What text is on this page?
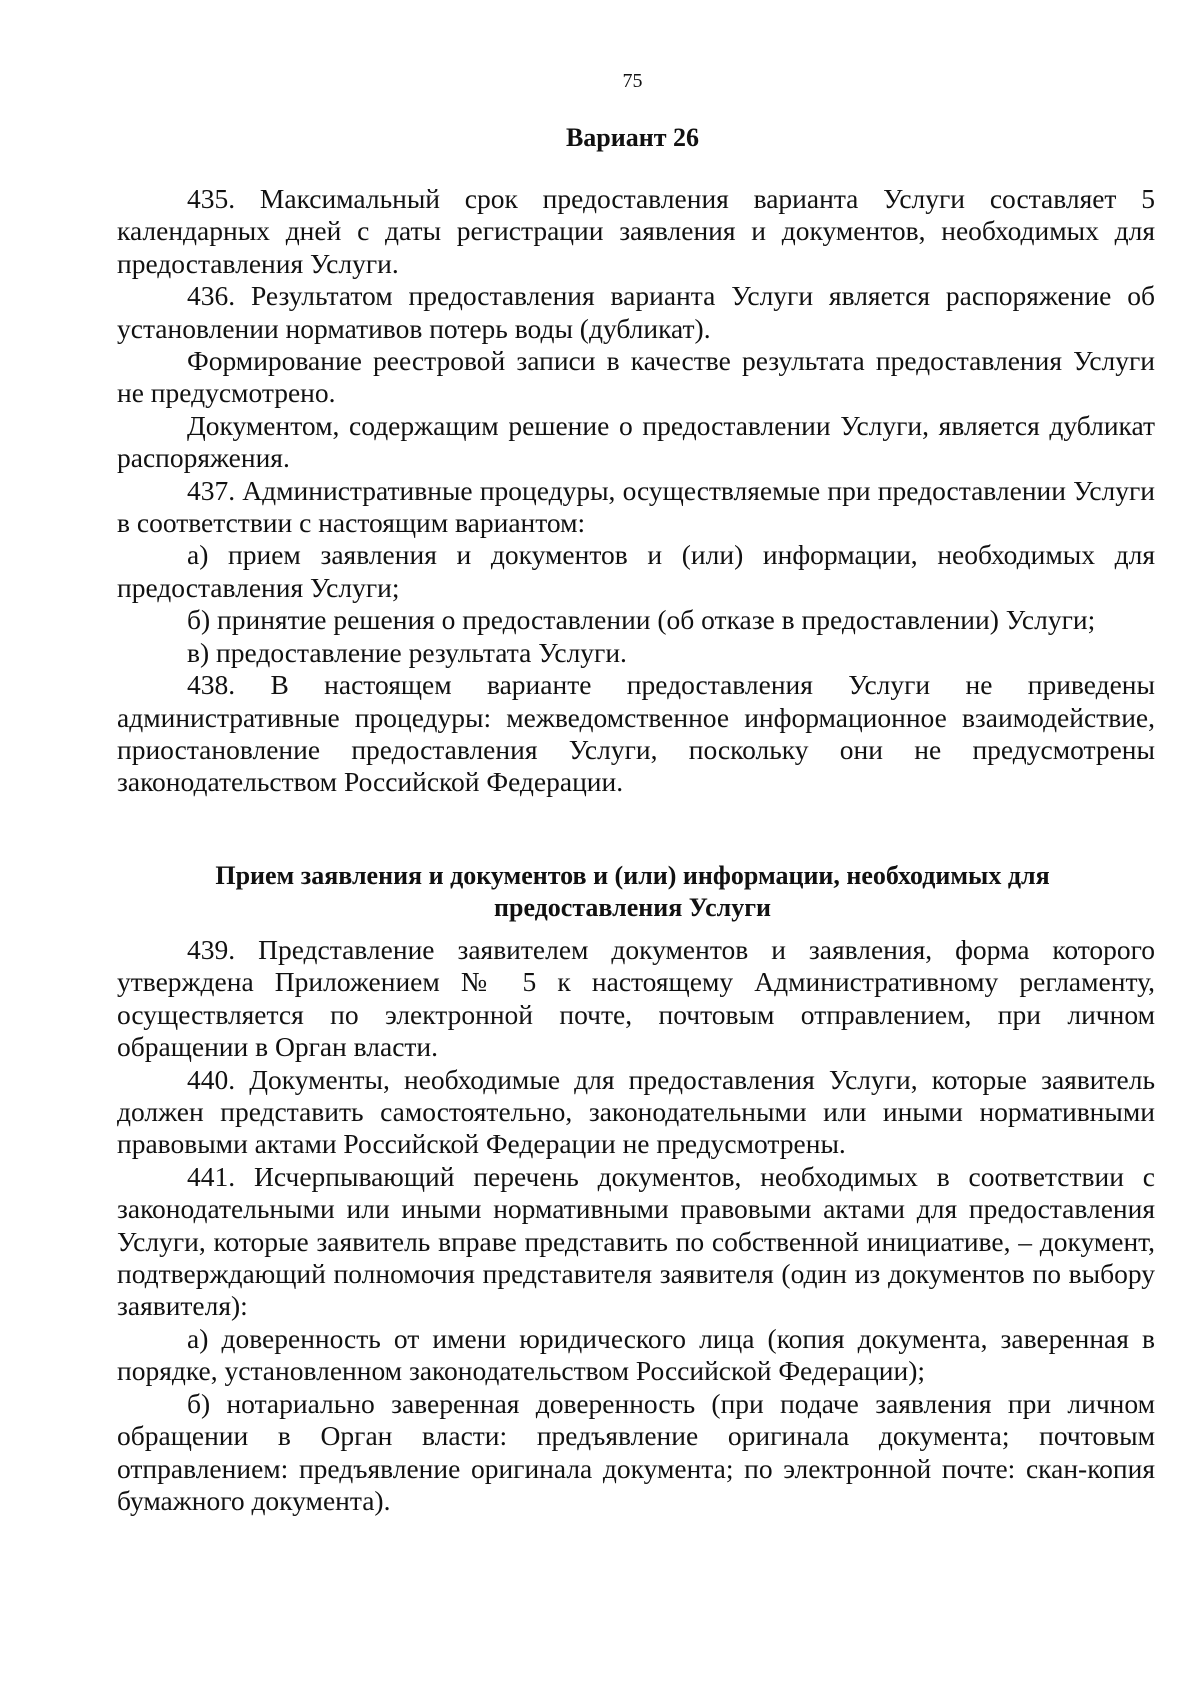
75
Вариант 26

435. Максимальный срок предоставления варианта Услуги составляет 5 календарных дней с даты регистрации заявления и документов, необходимых для предоставления Услуги.

436. Результатом предоставления варианта Услуги является распоряжение об установлении нормативов потерь воды (дубликат).

Формирование реестровой записи в качестве результата предоставления Услуги не предусмотрено.

Документом, содержащим решение о предоставлении Услуги, является дубликат распоряжения.

437. Административные процедуры, осуществляемые при предоставлении Услуги в соответствии с настоящим вариантом:

а) прием заявления и документов и (или) информации, необходимых для предоставления Услуги;

б) принятие решения о предоставлении (об отказе в предоставлении) Услуги;

в) предоставление результата Услуги.

438. В настоящем варианте предоставления Услуги не приведены административные процедуры: межведомственное информационное взаимодействие, приостановление предоставления Услуги, поскольку они не предусмотрены законодательством Российской Федерации.

Прием заявления и документов и (или) информации, необходимых для предоставления Услуги

439. Представление заявителем документов и заявления, форма которого утверждена Приложением № 5 к настоящему Административному регламенту, осуществляется по электронной почте, почтовым отправлением, при личном обращении в Орган власти.

440. Документы, необходимые для предоставления Услуги, которые заявитель должен представить самостоятельно, законодательными или иными нормативными правовыми актами Российской Федерации не предусмотрены.

441. Исчерпывающий перечень документов, необходимых в соответствии с законодательными или иными нормативными правовыми актами для предоставления Услуги, которые заявитель вправе представить по собственной инициативе, – документ, подтверждающий полномочия представителя заявителя (один из документов по выбору заявителя):

а) доверенность от имени юридического лица (копия документа, заверенная в порядке, установленном законодательством Российской Федерации);

б) нотариально заверенная доверенность (при подаче заявления при личном обращении в Орган власти: предъявление оригинала документа; почтовым отправлением: предъявление оригинала документа; по электронной почте: скан-копия бумажного документа).
